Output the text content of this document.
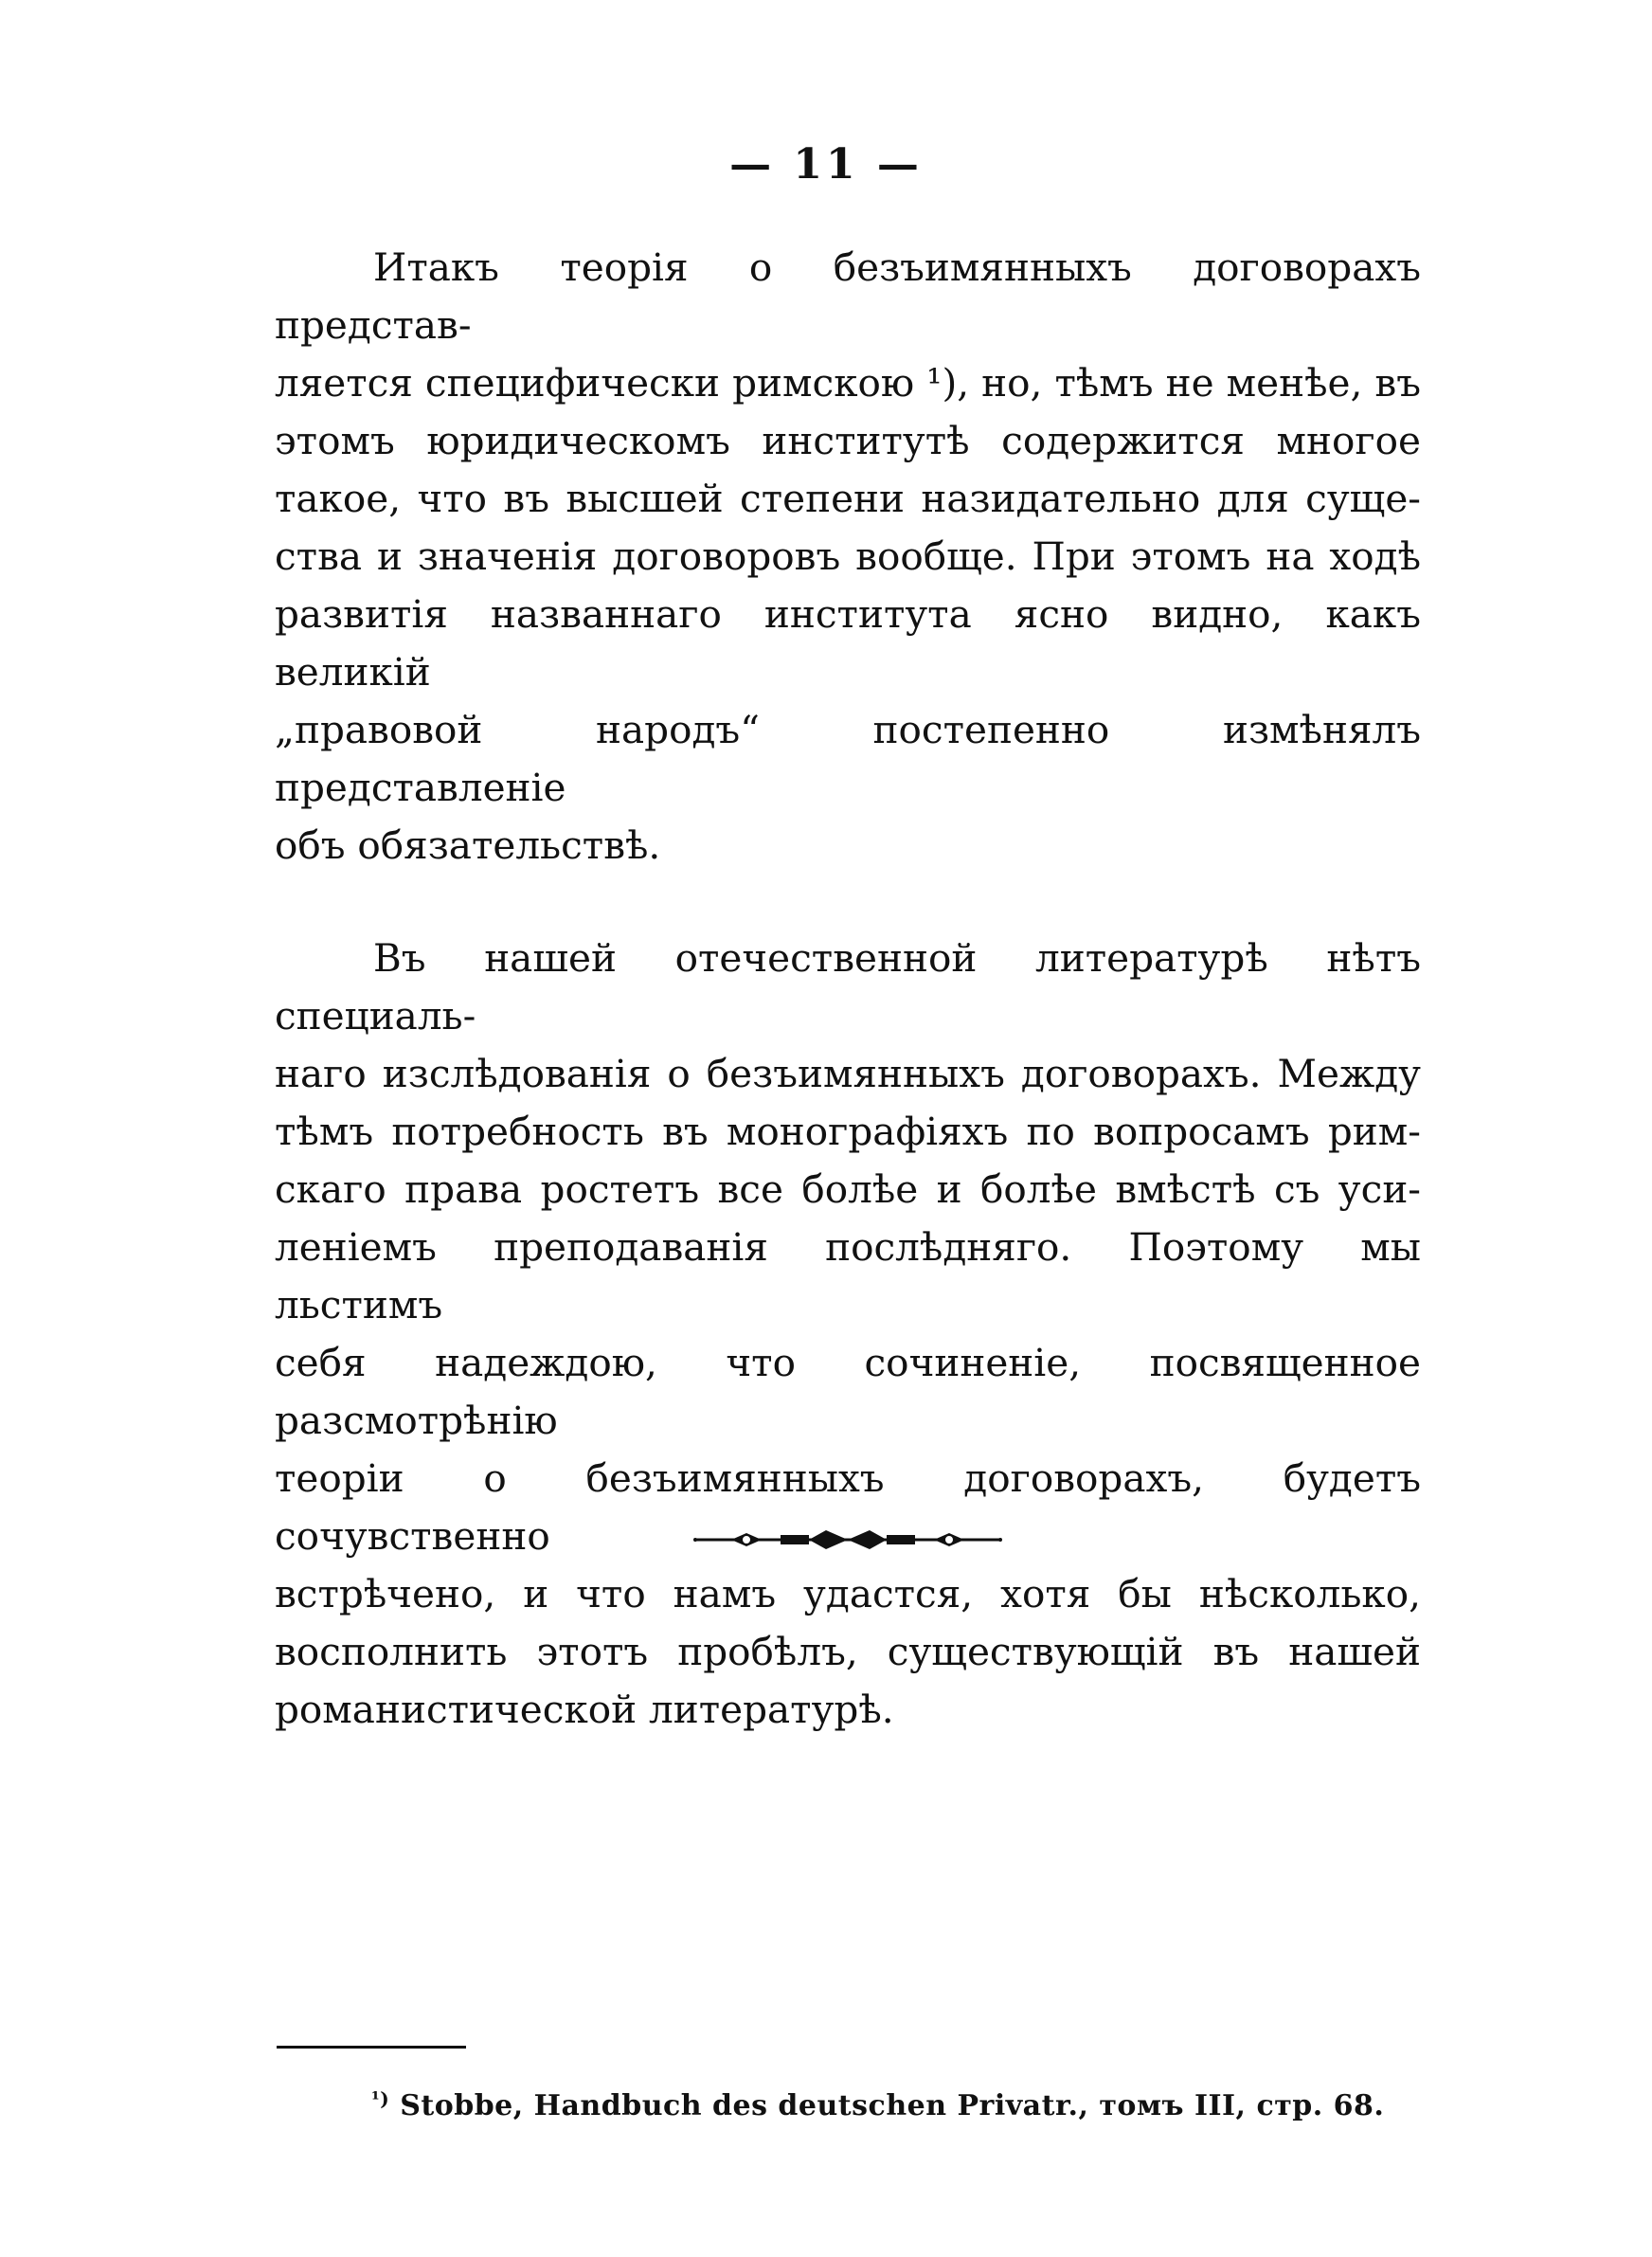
— 11 —
Итакъ теорія о безъимянныхъ договорахъ представ-
ляется специфически римскою ¹), но, тѣмъ не менѣе, въ
этомъ юридическомъ институтѣ содержится многое
такое, что въ высшей степени назидательно для суще-
ства и значенія договоровъ вообще. При этомъ на ходѣ
развитія названнаго института ясно видно, какъ великій
„правовой народъ“ постепенно измѣнялъ представленіе
объ обязательствѣ.
Въ нашей отечественной литературѣ нѣтъ специаль-
наго изслѣдованія о безъимянныхъ договорахъ. Между
тѣмъ потребность въ монографіяхъ по вопросамъ рим-
скаго права ростетъ все болѣе и болѣе вмѣстѣ съ уси-
леніемъ преподаванія послѣдняго. Поэтому мы льстимъ
себя надеждою, что сочиненіе, посвященное разсмотрѣнію
теоріи о безъимянныхъ договорахъ, будетъ сочувственно
встрѣчено, и что намъ удастся, хотя бы нѣсколько,
восполнить этотъ пробѣлъ, существующій въ нашей
романистической литературѣ.
$^{^1)}$ Stobbe, Handbuch des deutschen Privatr., томъ III, стр. 68.
